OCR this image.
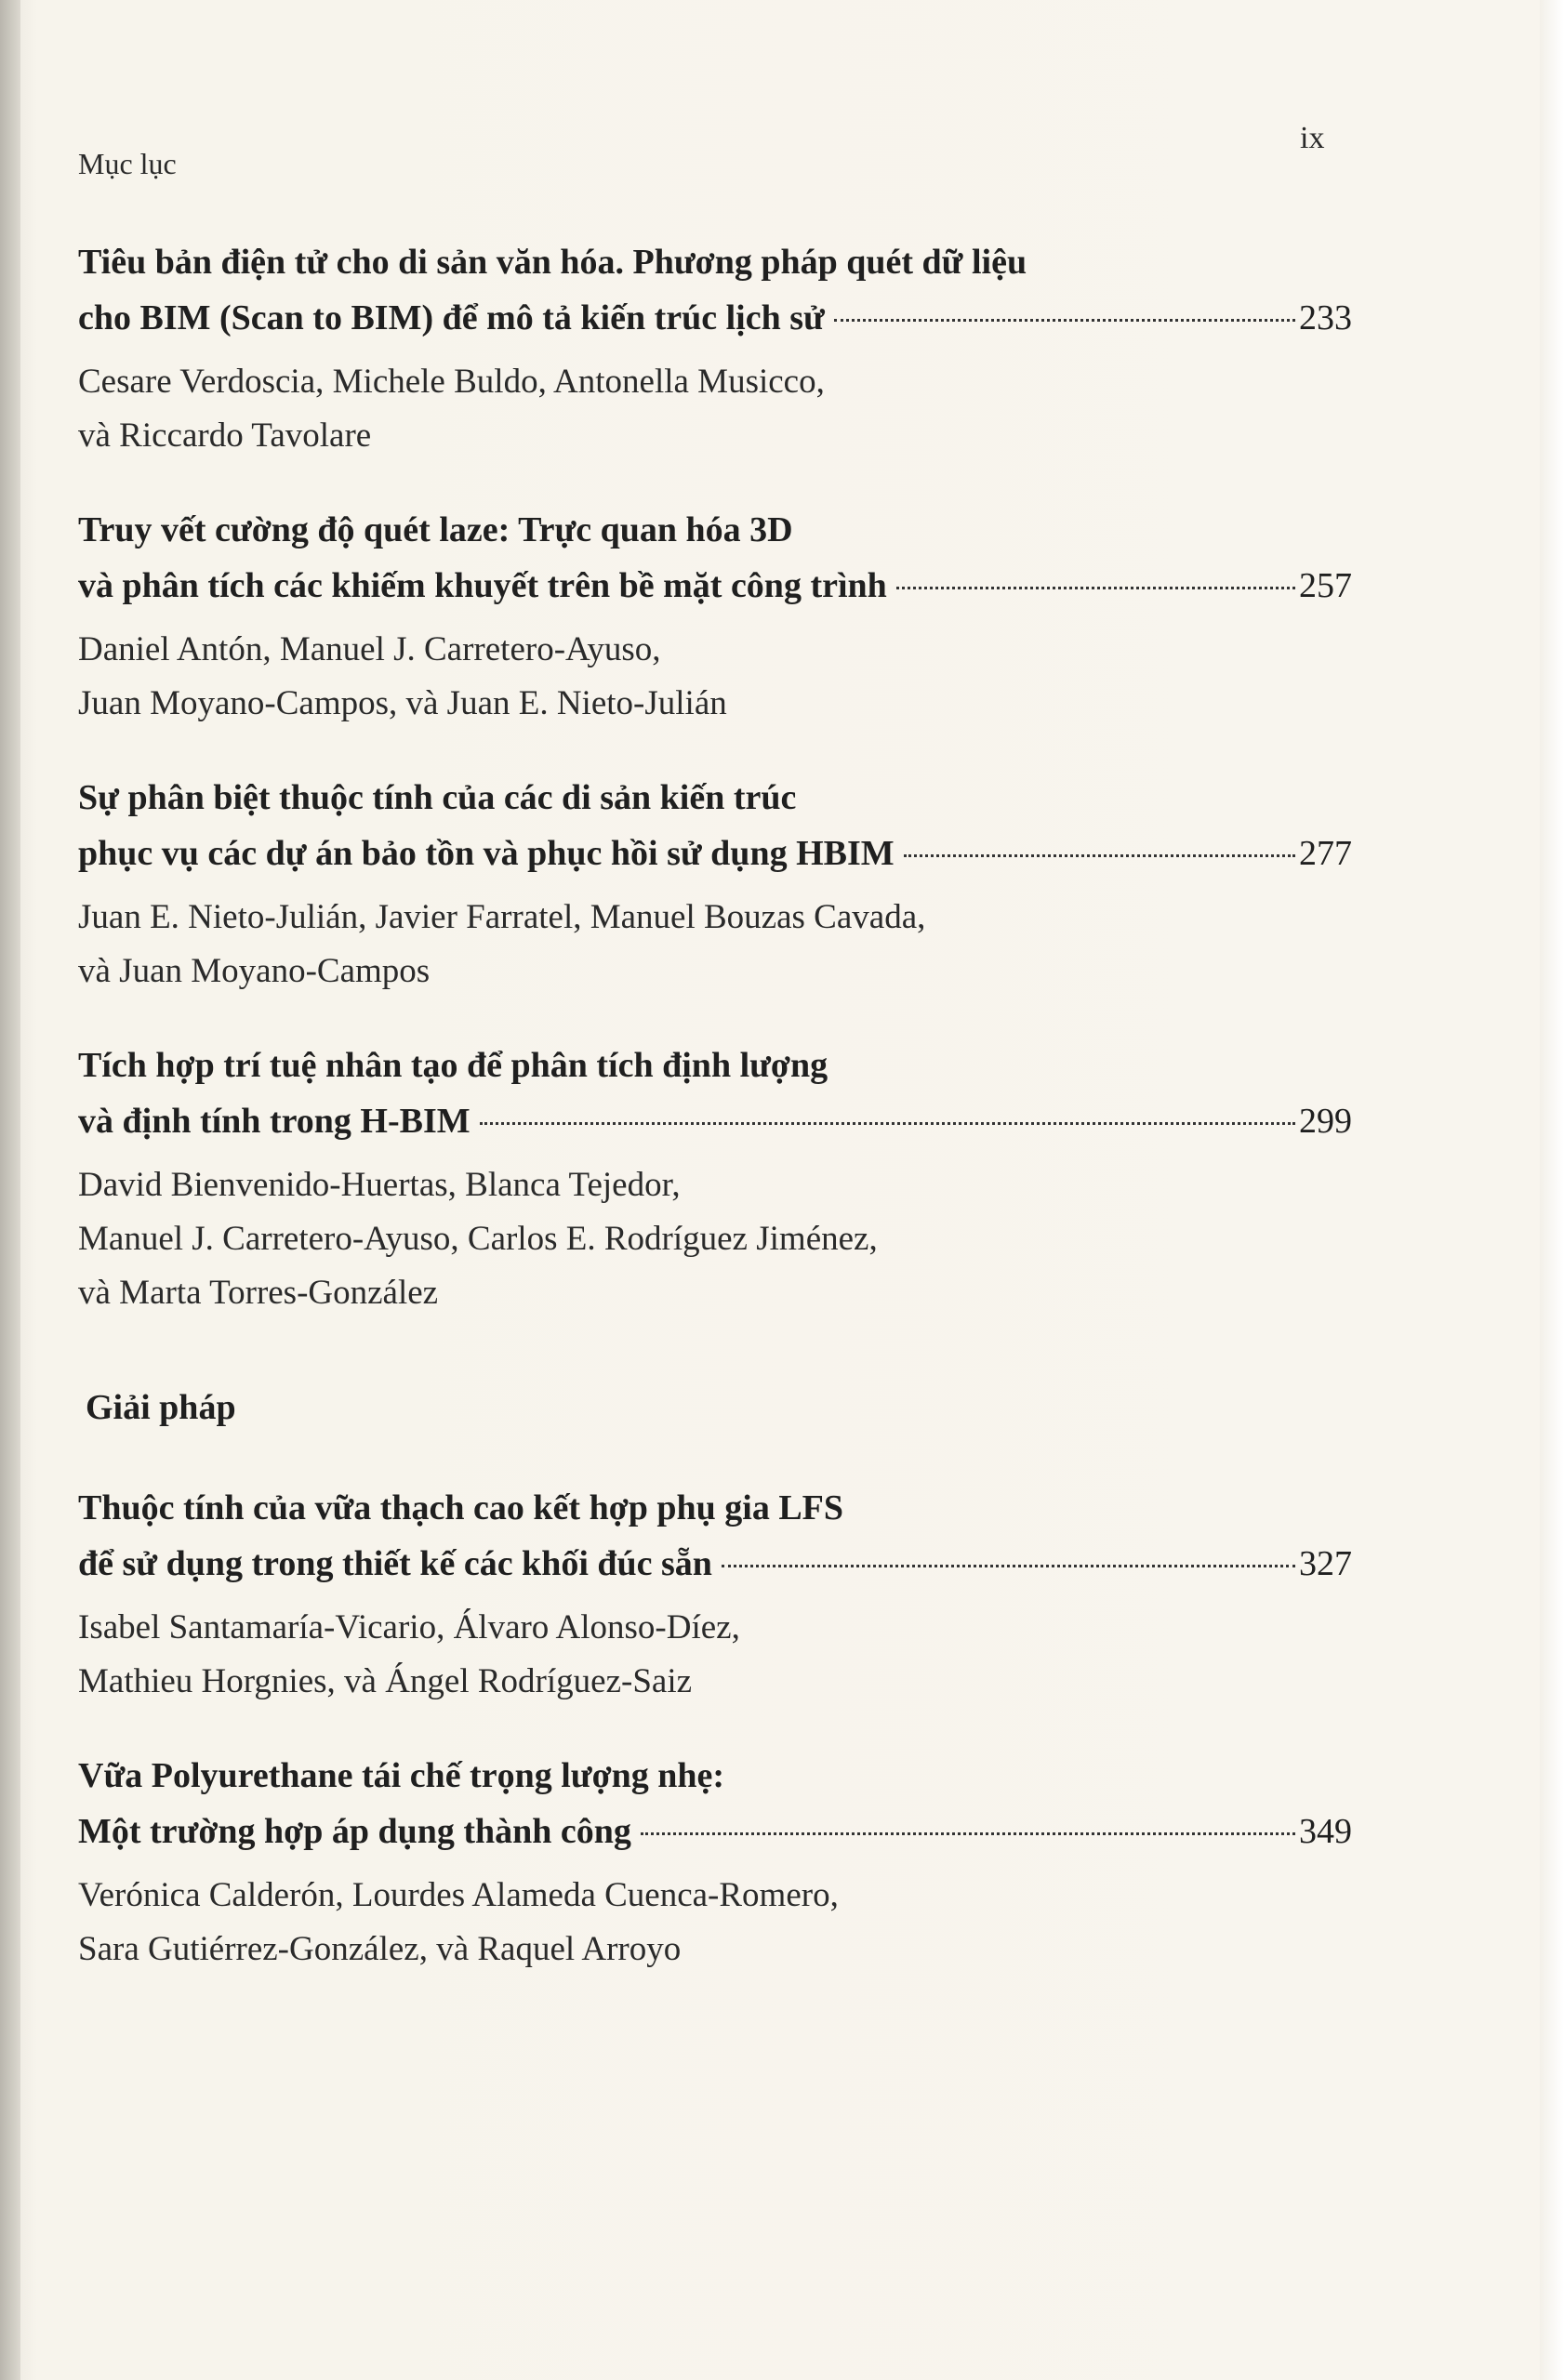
Mục lục
ix
Tiêu bản điện tử cho di sản văn hóa. Phương pháp quét dữ liệu
cho BIM (Scan to BIM) để mô tả kiến trúc lịch sử	233
Cesare Verdoscia, Michele Buldo, Antonella Musicco,
và Riccardo Tavolare
Truy vết cường độ quét laze: Trực quan hóa 3D
và phân tích các khiếm khuyết trên bề mặt công trình	257
Daniel Antón, Manuel J. Carretero-Ayuso,
Juan Moyano-Campos, và Juan E. Nieto-Julián
Sự phân biệt thuộc tính của các di sản kiến trúc
phục vụ các dự án bảo tồn và phục hồi sử dụng HBIM	277
Juan E. Nieto-Julián, Javier Farratel, Manuel Bouzas Cavada,
và Juan Moyano-Campos
Tích hợp trí tuệ nhân tạo để phân tích định lượng
và định tính trong H-BIM	299
David Bienvenido-Huertas, Blanca Tejedor,
Manuel J. Carretero-Ayuso, Carlos E. Rodríguez Jiménez,
và Marta Torres-González
Giải pháp
Thuộc tính của vữa thạch cao kết hợp phụ gia LFS
để sử dụng trong thiết kế các khối đúc sẵn	327
Isabel Santamaría-Vicario, Álvaro Alonso-Díez,
Mathieu Horgnies, và Ángel Rodríguez-Saiz
Vữa Polyurethane tái chế trọng lượng nhẹ:
Một trường hợp áp dụng thành công	349
Verónica Calderón, Lourdes Alameda Cuenca-Romero,
Sara Gutiérrez-González, và Raquel Arroyo
